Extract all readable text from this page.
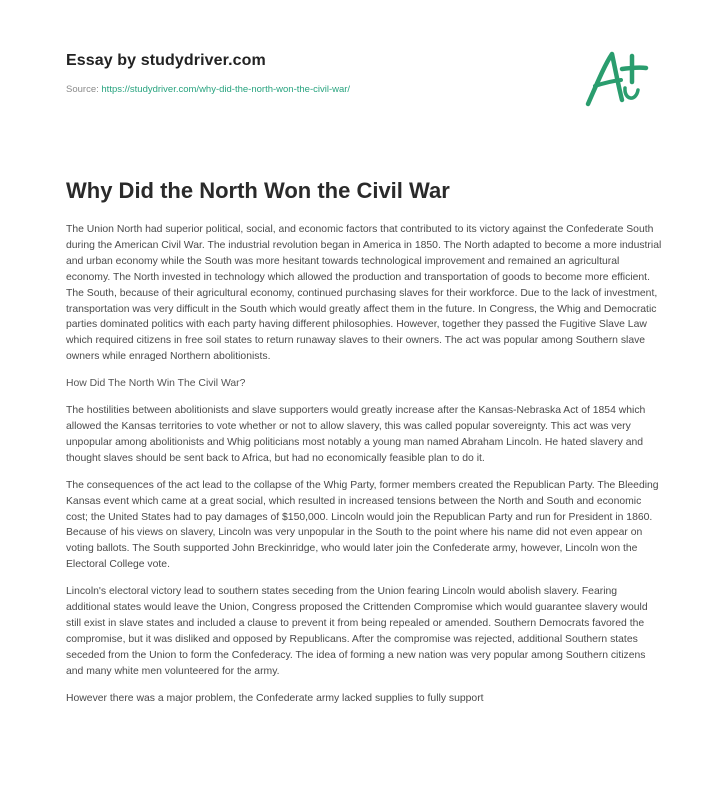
Essay by studydriver.com
Source: https://studydriver.com/why-did-the-north-won-the-civil-war/
Why Did the North Won the Civil War

The Union North had superior political, social, and economic factors that contributed to its victory against the Confederate South during the American Civil War. The industrial revolution began in America in 1850. The North adapted to become a more industrial and urban economy while the South was more hesitant towards technological improvement and remained an agricultural economy. The North invested in technology which allowed the production and transportation of goods to become more efficient. The South, because of their agricultural economy, continued purchasing slaves for their workforce. Due to the lack of investment, transportation was very difficult in the South which would greatly affect them in the future. In Congress, the Whig and Democratic parties dominated politics with each party having different philosophies. However, together they passed the Fugitive Slave Law which required citizens in free soil states to return runaway slaves to their owners. The act was popular among Southern slave owners while enraged Northern abolitionists.

How Did The North Win The Civil War?

The hostilities between abolitionists and slave supporters would greatly increase after the Kansas-Nebraska Act of 1854 which allowed the Kansas territories to vote whether or not to allow slavery, this was called popular sovereignty. This act was very unpopular among abolitionists and Whig politicians most notably a young man named Abraham Lincoln. He hated slavery and thought slaves should be sent back to Africa, but had no economically feasible plan to do it.

The consequences of the act lead to the collapse of the Whig Party, former members created the Republican Party. The Bleeding Kansas event which came at a great social, which resulted in increased tensions between the North and South and economic cost; the United States had to pay damages of $150,000. Lincoln would join the Republican Party and run for President in 1860. Because of his views on slavery, Lincoln was very unpopular in the South to the point where his name did not even appear on voting ballots. The South supported John Breckinridge, who would later join the Confederate army, however, Lincoln won the Electoral College vote.

Lincoln's electoral victory lead to southern states seceding from the Union fearing Lincoln would abolish slavery. Fearing additional states would leave the Union, Congress proposed the Crittenden Compromise which would guarantee slavery would still exist in slave states and included a clause to prevent it from being repealed or amended. Southern Democrats favored the compromise, but it was disliked and opposed by Republicans. After the compromise was rejected, additional Southern states seceded from the Union to form the Confederacy. The idea of forming a new nation was very popular among Southern citizens and many white men volunteered for the army.

However there was a major problem, the Confederate army lacked supplies to fully support
